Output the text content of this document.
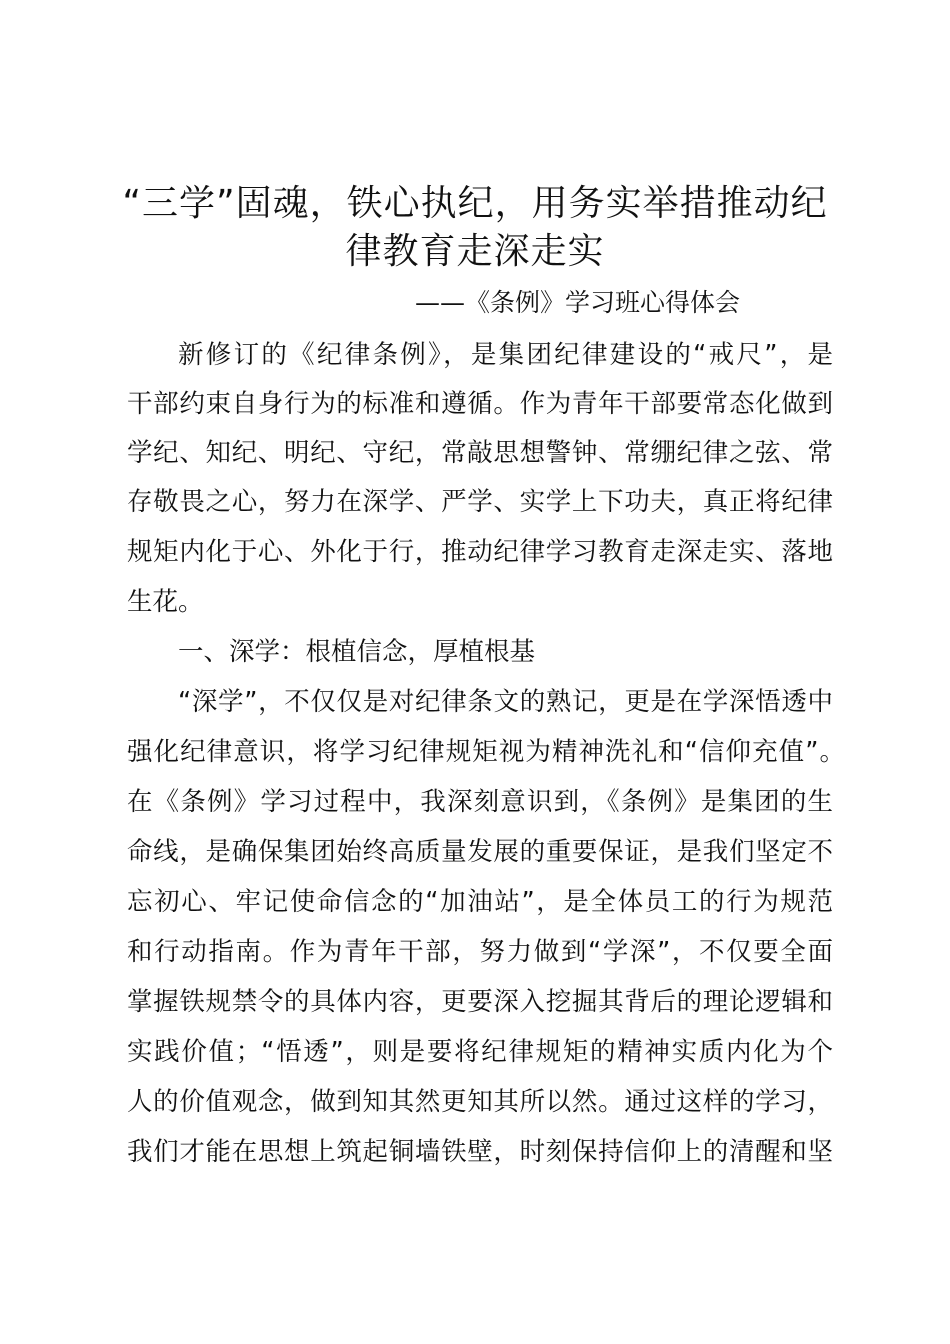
“三学”固魂，铁心执纪，用务实举措推动纪
律教育走深走实
——《条例》学习班心得体会
新修订的《纪律条例》，是集团纪律建设的“戒尺”，是
干部约束自身行为的标准和遵循。作为青年干部要常态化做到
学纪、知纪、明纪、守纪，常敲思想警钟、常绷纪律之弦、常
存敬畏之心，努力在深学、严学、实学上下功夫，真正将纪律
规矩内化于心、外化于行，推动纪律学习教育走深走实、落地
生花。
一、深学：根植信念，厚植根基
“深学”，不仅仅是对纪律条文的熟记，更是在学深悟透中
强化纪律意识，将学习纪律规矩视为精神洗礼和“信仰充值”。
在《条例》学习过程中，我深刻意识到，《条例》是集团的生
命线，是确保集团始终高质量发展的重要保证，是我们坚定不
忘初心、牢记使命信念的“加油站”，是全体员工的行为规范
和行动指南。作为青年干部，努力做到“学深”，不仅要全面
掌握铁规禁令的具体内容，更要深入挖掘其背后的理论逻辑和
实践价值；“悟透”，则是要将纪律规矩的精神实质内化为个
人的价值观念，做到知其然更知其所以然。通过这样的学习，
我们才能在思想上筑起铜墙铁壁，时刻保持信仰上的清醒和坚
